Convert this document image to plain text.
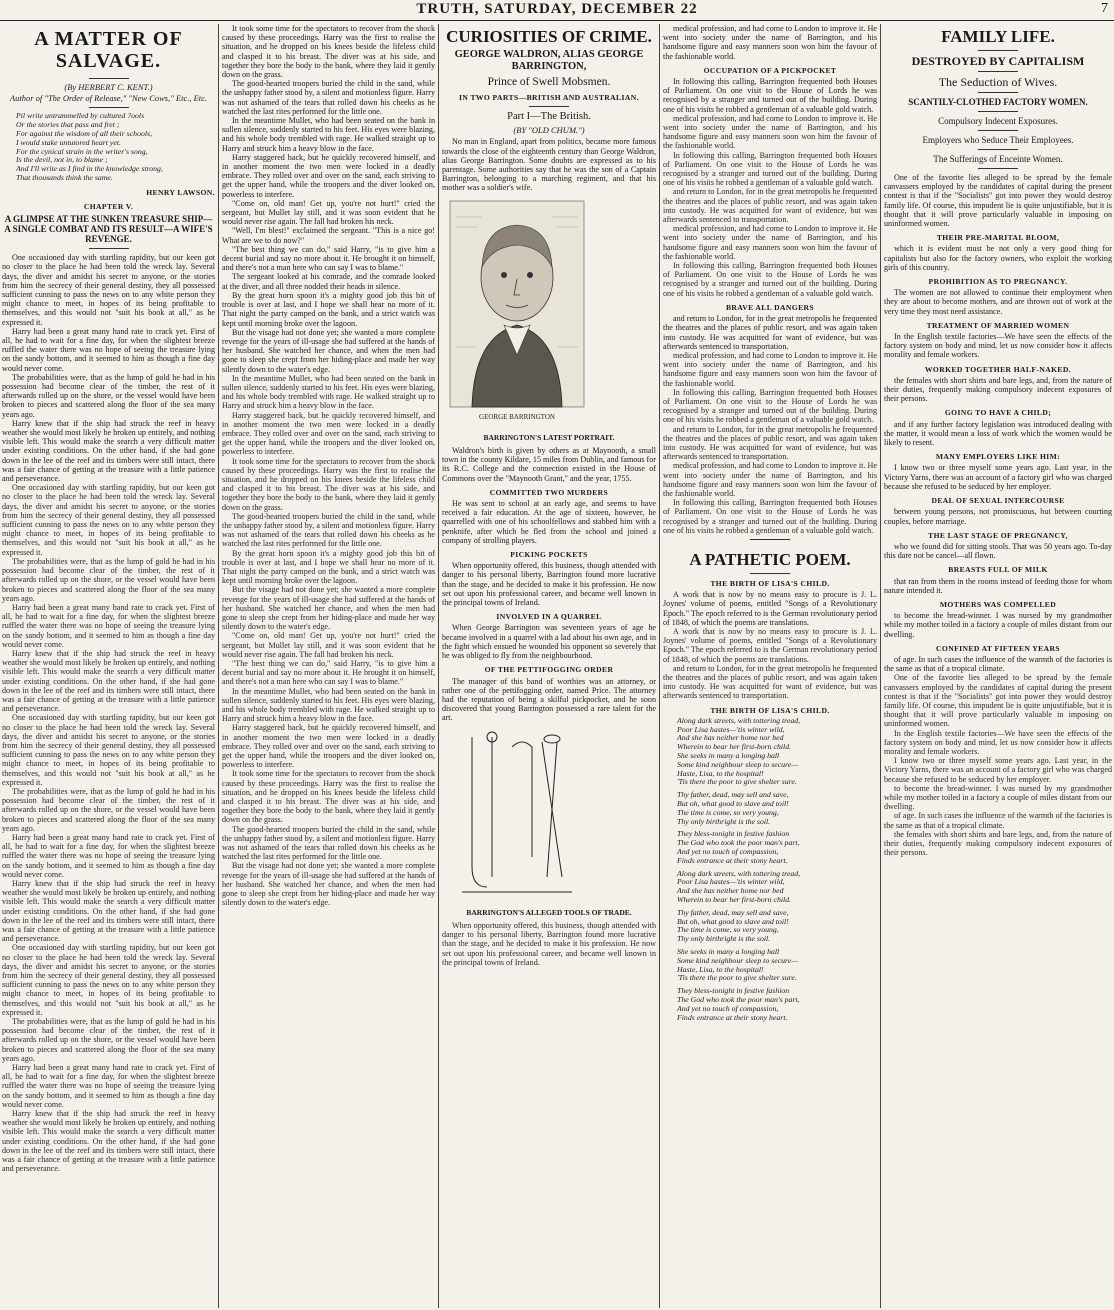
TRUTH, SATURDAY, DECEMBER 22	7
A MATTER OF SALVAGE.
(By HERBERT C. KENT.)
Author of "The Order of Release," "New Cows," Etc., Etc.
Pil write untrammelled by cultured ?ools
Or the stories that pass and fret ;
For against the wisdom of all their schools,
I would stake untutored heart yet.
For the cynical strain in the writer's song,
Is the devil, not in, to blame ;
And I'll write as I find in the knowledge strong,
That thousands think the same.
HENRY LAWSON.
CHAPTER V.
A GLIMPSE AT THE SUNKEN TREASURE SHIP—A SINGLE COMBAT AND ITS RESULT—A WIFE'S REVENGE.

One occasioned day with startling rapidity, but our keen got no closer to the place he had been told the wreck lay. Several days, the diver and amidst his secret to anyone, or the stories from him the secrecy of their general destiny, they all possessed sufficient cunning to pass the news on to any white person they might chance to meet, in hopes of its being profitable to themselves, and this would not "suit his book at all," as he expressed it.

Harry had been a great many hand rate to crack yet. First of all, he had to wait for a fine day, for when the slightest breeze ruffled the water there was no hope of seeing the treasure lying on the sandy bottom, and it seemed to him as though a fine day would never come.

The probabilities were, that as the lump of gold he had in his possession had become clear of the timber, the rest of it afterwards rolled up on the shore, or the vessel would have been broken to pieces and scattered along the floor of the sea many years ago.

Harry knew that if the ship had struck the reef in heavy weather she would most likely be broken up entirely, and nothing visible left. This would make the search a very difficult matter under existing conditions. On the other hand, if she had gone down in the lee of the reef and its timbers were still intact, there was a fair chance of getting at the treasure with a little patience and perseverance.

One occasioned day with startling rapidity, but our keen got no closer to the place he had been told the wreck lay. Several days, the diver and amidst his secret to anyone, or the stories from him the secrecy of their general destiny, they all possessed sufficient cunning to pass the news on to any white person they might chance to meet, in hopes of its being profitable to themselves, and this would not "suit his book at all," as he expressed it.

The probabilities were, that as the lump of gold he had in his possession had become clear of the timber, the rest of it afterwards rolled up on the shore, or the vessel would have been broken to pieces and scattered along the floor of the sea many years ago.

Harry had been a great many hand rate to crack yet. First of all, he had to wait for a fine day, for when the slightest breeze ruffled the water there was no hope of seeing the treasure lying on the sandy bottom, and it seemed to him as though a fine day would never come.

Harry knew that if the ship had struck the reef in heavy weather she would most likely be broken up entirely, and nothing visible left. This would make the search a very difficult matter under existing conditions. On the other hand, if she had gone down in the lee of the reef and its timbers were still intact, there was a fair chance of getting at the treasure with a little patience and perseverance.

One occasioned day with startling rapidity, but our keen got no closer to the place he had been told the wreck lay. Several days, the diver and amidst his secret to anyone, or the stories from him the secrecy of their general destiny, they all possessed sufficient cunning to pass the news on to any white person they might chance to meet, in hopes of its being profitable to themselves, and this would not "suit his book at all," as he expressed it.

The probabilities were, that as the lump of gold he had in his possession had become clear of the timber, the rest of it afterwards rolled up on the shore, or the vessel would have been broken to pieces and scattered along the floor of the sea many years ago.

Harry had been a great many hand rate to crack yet. First of all, he had to wait for a fine day, for when the slightest breeze ruffled the water there was no hope of seeing the treasure lying on the sandy bottom, and it seemed to him as though a fine day would never come.

Harry knew that if the ship had struck the reef in heavy weather she would most likely be broken up entirely, and nothing visible left. This would make the search a very difficult matter under existing conditions. On the other hand, if she had gone down in the lee of the reef and its timbers were still intact, there was a fair chance of getting at the treasure with a little patience and perseverance.

One occasioned day with startling rapidity, but our keen got no closer to the place he had been told the wreck lay. Several days, the diver and amidst his secret to anyone, or the stories from him the secrecy of their general destiny, they all possessed sufficient cunning to pass the news on to any white person they might chance to meet, in hopes of its being profitable to themselves, and this would not "suit his book at all," as he expressed it.

The probabilities were, that as the lump of gold he had in his possession had become clear of the timber, the rest of it afterwards rolled up on the shore, or the vessel would have been broken to pieces and scattered along the floor of the sea many years ago.

Harry had been a great many hand rate to crack yet. First of all, he had to wait for a fine day, for when the slightest breeze ruffled the water there was no hope of seeing the treasure lying on the sandy bottom, and it seemed to him as though a fine day would never come.

Harry knew that if the ship had struck the reef in heavy weather she would most likely be broken up entirely, and nothing visible left. This would make the search a very difficult matter under existing conditions. On the other hand, if she had gone down in the lee of the reef and its timbers were still intact, there was a fair chance of getting at the treasure with a little patience and perseverance.

It took some time for the spectators to recover from the shock caused by these proceedings. Harry was the first to realise the situation, and he dropped on his knees beside the lifeless child and clasped it to his breast. The diver was at his side, and together they bore the body to the bank, where they laid it gently down on the grass.

The good-hearted troopers buried the child in the sand, while the unhappy father stood by, a silent and motionless figure. Harry was not ashamed of the tears that rolled down his cheeks as he watched the last rites performed for the little one.

In the meantime Mullet, who had been seated on the bank in sullen silence, suddenly started to his feet. His eyes were blazing, and his whole body trembled with rage. He walked straight up to Harry and struck him a heavy blow in the face.

Harry staggered back, but he quickly recovered himself, and in another moment the two men were locked in a deadly embrace. They rolled over and over on the sand, each striving to get the upper hand, while the troopers and the diver looked on, powerless to interfere.

"Come on, old man! Get up, you're not hurt!" cried the sergeant, but Mullet lay still, and it was soon evident that he would never rise again. The fall had broken his neck.

"Well, I'm blest!" exclaimed the sergeant. "This is a nice go! What are we to do now?"

"The best thing we can do," said Harry, "is to give him a decent burial and say no more about it. He brought it on himself, and there's not a man here who can say I was to blame."

The sergeant looked at his comrade, and the comrade looked at the diver, and all three nodded their heads in silence.

By the great horn spoon it's a mighty good job this bit of trouble is over at last, and I hope we shall hear no more of it. That night the party camped on the bank, and a strict watch was kept until morning broke over the lagoon.

But the visage had not done yet; she wanted a more complete revenge for the years of ill-usage she had suffered at the hands of her husband. She watched her chance, and when the men had gone to sleep she crept from her hiding-place and made her way silently down to the water's edge.

In the meantime Mullet, who had been seated on the bank in sullen silence, suddenly started to his feet. His eyes were blazing, and his whole body trembled with rage. He walked straight up to Harry and struck him a heavy blow in the face.

Harry staggered back, but he quickly recovered himself, and in another moment the two men were locked in a deadly embrace. They rolled over and over on the sand, each striving to get the upper hand, while the troopers and the diver looked on, powerless to interfere.

It took some time for the spectators to recover from the shock caused by these proceedings. Harry was the first to realise the situation, and he dropped on his knees beside the lifeless child and clasped it to his breast. The diver was at his side, and together they bore the body to the bank, where they laid it gently down on the grass.

The good-hearted troopers buried the child in the sand, while the unhappy father stood by, a silent and motionless figure. Harry was not ashamed of the tears that rolled down his cheeks as he watched the last rites performed for the little one.

By the great horn spoon it's a mighty good job this bit of trouble is over at last, and I hope we shall hear no more of it. That night the party camped on the bank, and a strict watch was kept until morning broke over the lagoon.

But the visage had not done yet; she wanted a more complete revenge for the years of ill-usage she had suffered at the hands of her husband. She watched her chance, and when the men had gone to sleep she crept from her hiding-place and made her way silently down to the water's edge.

"Come on, old man! Get up, you're not hurt!" cried the sergeant, but Mullet lay still, and it was soon evident that he would never rise again. The fall had broken his neck.

"The best thing we can do," said Harry, "is to give him a decent burial and say no more about it. He brought it on himself, and there's not a man here who can say I was to blame."

In the meantime Mullet, who had been seated on the bank in sullen silence, suddenly started to his feet. His eyes were blazing, and his whole body trembled with rage. He walked straight up to Harry and struck him a heavy blow in the face.

Harry staggered back, but he quickly recovered himself, and in another moment the two men were locked in a deadly embrace. They rolled over and over on the sand, each striving to get the upper hand, while the troopers and the diver looked on, powerless to interfere.

It took some time for the spectators to recover from the shock caused by these proceedings. Harry was the first to realise the situation, and he dropped on his knees beside the lifeless child and clasped it to his breast. The diver was at his side, and together they bore the body to the bank, where they laid it gently down on the grass.

The good-hearted troopers buried the child in the sand, while the unhappy father stood by, a silent and motionless figure. Harry was not ashamed of the tears that rolled down his cheeks as he watched the last rites performed for the little one.

But the visage had not done yet; she wanted a more complete revenge for the years of ill-usage she had suffered at the hands of her husband. She watched her chance, and when the men had gone to sleep she crept from her hiding-place and made her way silently down to the water's edge.

CURIOSITIES OF CRIME.
GEORGE WALDRON, ALIAS GEORGE BARRINGTON,
Prince of Swell Mobsmen.
IN TWO PARTS—BRITISH AND AUSTRALIAN.
Part I—The British.
(BY "OLD CHUM.")

No man in England, apart from politics, became more famous towards the close of the eighteenth century than George Waldron, alias George Barrington. Some doubts are expressed as to his parentage. Some authorities say that he was the son of a Captain Barrington, belonging to a marching regiment, and that his mother was a soldier's wife.

GEORGE BARRINGTON
BARRINGTON'S LATEST PORTRAIT.

Waldron's birth is given by others as at Maynooth, a small town in the county Kildare, 15 miles from Dublin, and famous for its R.C. College and the connection existed in the House of Commons over the "Maynooth Grant," and the year, 1755.

COMMITTED TWO MURDERS

He was sent to school at an early age, and seems to have received a fair education. At the age of sixteen, however, he quarrelled with one of his schoolfellows and stabbed him with a penknife, after which he fled from the school and joined a company of strolling players.

PICKING POCKETS

When opportunity offered, this business, though attended with danger to his personal liberty, Barrington found more lucrative than the stage, and he decided to make it his profession. He now set out upon his professional career, and became well known in the principal towns of Ireland.

INVOLVED IN A QUARREL

When George Barrington was seventeen years of age he became involved in a quarrel with a lad about his own age, and in the fight which ensued he wounded his opponent so severely that he was obliged to fly from the neighbourhood.

OF THE PETTIFOGGING ORDER

The manager of this band of worthies was an attorney, or rather one of the pettifogging order, named Price. The attorney had the reputation of being a skilful pickpocket, and he soon discovered that young Barrington possessed a rare talent for the art.

BARRINGTON'S ALLEGED TOOLS OF TRADE.

When opportunity offered, this business, though attended with danger to his personal liberty, Barrington found more lucrative than the stage, and he decided to make it his profession. He now set out upon his professional career, and became well known in the principal towns of Ireland.

medical profession, and had come to London to improve it. He went into society under the name of Barrington, and his handsome figure and easy manners soon won him the favour of the fashionable world.

OCCUPATION OF A PICKPOCKET

In following this calling, Barrington frequented both Houses of Parliament. On one visit to the House of Lords he was recognised by a stranger and turned out of the building. During one of his visits he robbed a gentleman of a valuable gold watch.

medical profession, and had come to London to improve it. He went into society under the name of Barrington, and his handsome figure and easy manners soon won him the favour of the fashionable world.

In following this calling, Barrington frequented both Houses of Parliament. On one visit to the House of Lords he was recognised by a stranger and turned out of the building. During one of his visits he robbed a gentleman of a valuable gold watch.

and return to London, for in the great metropolis he frequented the theatres and the places of public resort, and was again taken into custody. He was acquitted for want of evidence, but was afterwards sentenced to transportation.

medical profession, and had come to London to improve it. He went into society under the name of Barrington, and his handsome figure and easy manners soon won him the favour of the fashionable world.

In following this calling, Barrington frequented both Houses of Parliament. On one visit to the House of Lords he was recognised by a stranger and turned out of the building. During one of his visits he robbed a gentleman of a valuable gold watch.

BRAVE ALL DANGERS

and return to London, for in the great metropolis he frequented the theatres and the places of public resort, and was again taken into custody. He was acquitted for want of evidence, but was afterwards sentenced to transportation.

medical profession, and had come to London to improve it. He went into society under the name of Barrington, and his handsome figure and easy manners soon won him the favour of the fashionable world.

In following this calling, Barrington frequented both Houses of Parliament. On one visit to the House of Lords he was recognised by a stranger and turned out of the building. During one of his visits he robbed a gentleman of a valuable gold watch.

and return to London, for in the great metropolis he frequented the theatres and the places of public resort, and was again taken into custody. He was acquitted for want of evidence, but was afterwards sentenced to transportation.

medical profession, and had come to London to improve it. He went into society under the name of Barrington, and his handsome figure and easy manners soon won him the favour of the fashionable world.

In following this calling, Barrington frequented both Houses of Parliament. On one visit to the House of Lords he was recognised by a stranger and turned out of the building. During one of his visits he robbed a gentleman of a valuable gold watch.

A PATHETIC POEM.
THE BIRTH OF LISA'S CHILD.

A work that is now by no means easy to procure is J. L. Joynes' volume of poems, entitled "Songs of a Revolutionary Epoch." The epoch referred to is the German revolutionary period of 1848, of which the poems are translations.

A work that is now by no means easy to procure is J. L. Joynes' volume of poems, entitled "Songs of a Revolutionary Epoch." The epoch referred to is the German revolutionary period of 1848, of which the poems are translations.

and return to London, for in the great metropolis he frequented the theatres and the places of public resort, and was again taken into custody. He was acquitted for want of evidence, but was afterwards sentenced to transportation.

THE BIRTH OF LISA'S CHILD.
Along dark streets, with tottering tread,
Poor Lisa hastes—'tis winter wild,
And she has neither home nor bed
Wherein to bear her first-born child.
She seeks in many a longing hall
Some kind neighbour sleep to secure—
Haste, Lisa, to the hospital!
'Tis there the poor to give shelter sure.
Thy father, dead, may sell and save,
But oh, what good to slave and toil!
The time is come, so very young,
Thy only birthright is the soil.
They bless-tonight in festive fashion
The God who took the poor man's part,
And yet no touch of compassion,
Finds entrance at their stony heart.
Along dark streets, with tottering tread,
Poor Lisa hastes—'tis winter wild,
And she has neither home nor bed
Wherein to bear her first-born child.
Thy father, dead, may sell and save,
But oh, what good to slave and toil!
The time is come, so very young,
Thy only birthright is the soil.
She seeks in many a longing hall
Some kind neighbour sleep to secure—
Haste, Lisa, to the hospital!
'Tis there the poor to give shelter sure.
They bless-tonight in festive fashion
The God who took the poor man's part,
And yet no touch of compassion,
Finds entrance at their stony heart.
FAMILY LIFE.
DESTROYED BY CAPITALISM
The Seduction of Wives.
SCANTILY-CLOTHED FACTORY WOMEN.
Compulsory Indecent Exposures.
Employers who Seduce Their Employees.
The Sufferings of Enceinte Women.

One of the favorite lies alleged to be spread by the female canvassers employed by the candidates of capital during the present contest is that if the "Socialists" got into power they would destroy family life. Of course, this impudent lie is quite unjustifiable, but it is thought that it will prove particularly valuable in imposing on uninformed women.

THEIR PRE-MARITAL BLOOM,

which it is evident must be not only a very good thing for capitalists but also for the factory owners, who exploit the working girls of this country.

PROHIBITION AS TO PREGNANCY.

The women are not allowed to continue their employment when they are about to become mothers, and are thrown out of work at the very time they most need assistance.

TREATMENT OF MARRIED WOMEN

In the English textile factories—We have seen the effects of the factory system on body and mind, let us now consider how it affects morality and female workers.

WORKED TOGETHER HALF-NAKED.

the females with short shirts and bare legs, and, from the nature of their duties, frequently making compulsory indecent exposures of their persons.

GOING TO HAVE A CHILD;

and if any further factory legislation was introduced dealing with the matter, it would mean a loss of work which the women would be likely to resent.

MANY EMPLOYERS LIKE HIM:

I know two or three myself some years ago. Last year, in the Victory Yarns, there was an account of a factory girl who was charged because she refused to be seduced by her employer.

DEAL OF SEXUAL INTERCOURSE

between young persons, not promiscuous, but between courting couples, before marriage.

THE LAST STAGE OF PREGNANCY,

who we found did for sitting stools. That was 50 years ago. To-day this dare not be cancel—all flown.

BREASTS FULL OF MILK

that ran from them in the rooms instead of feeding those for whom nature intended it.

MOTHERS WAS COMPELLED

to become the bread-winner. I was nursed by my grandmother while my mother toiled in a factory a couple of miles distant from our dwelling.

CONFINED AT FIFTEEN YEARS

of age. In such cases the influence of the warmth of the factories is the same as that of a tropical climate.

One of the favorite lies alleged to be spread by the female canvassers employed by the candidates of capital during the present contest is that if the "Socialists" got into power they would destroy family life. Of course, this impudent lie is quite unjustifiable, but it is thought that it will prove particularly valuable in imposing on uninformed women.

In the English textile factories—We have seen the effects of the factory system on body and mind, let us now consider how it affects morality and female workers.

I know two or three myself some years ago. Last year, in the Victory Yarns, there was an account of a factory girl who was charged because she refused to be seduced by her employer.

to become the bread-winner. I was nursed by my grandmother while my mother toiled in a factory a couple of miles distant from our dwelling.

of age. In such cases the influence of the warmth of the factories is the same as that of a tropical climate.

the females with short shirts and bare legs, and, from the nature of their duties, frequently making compulsory indecent exposures of their persons.
